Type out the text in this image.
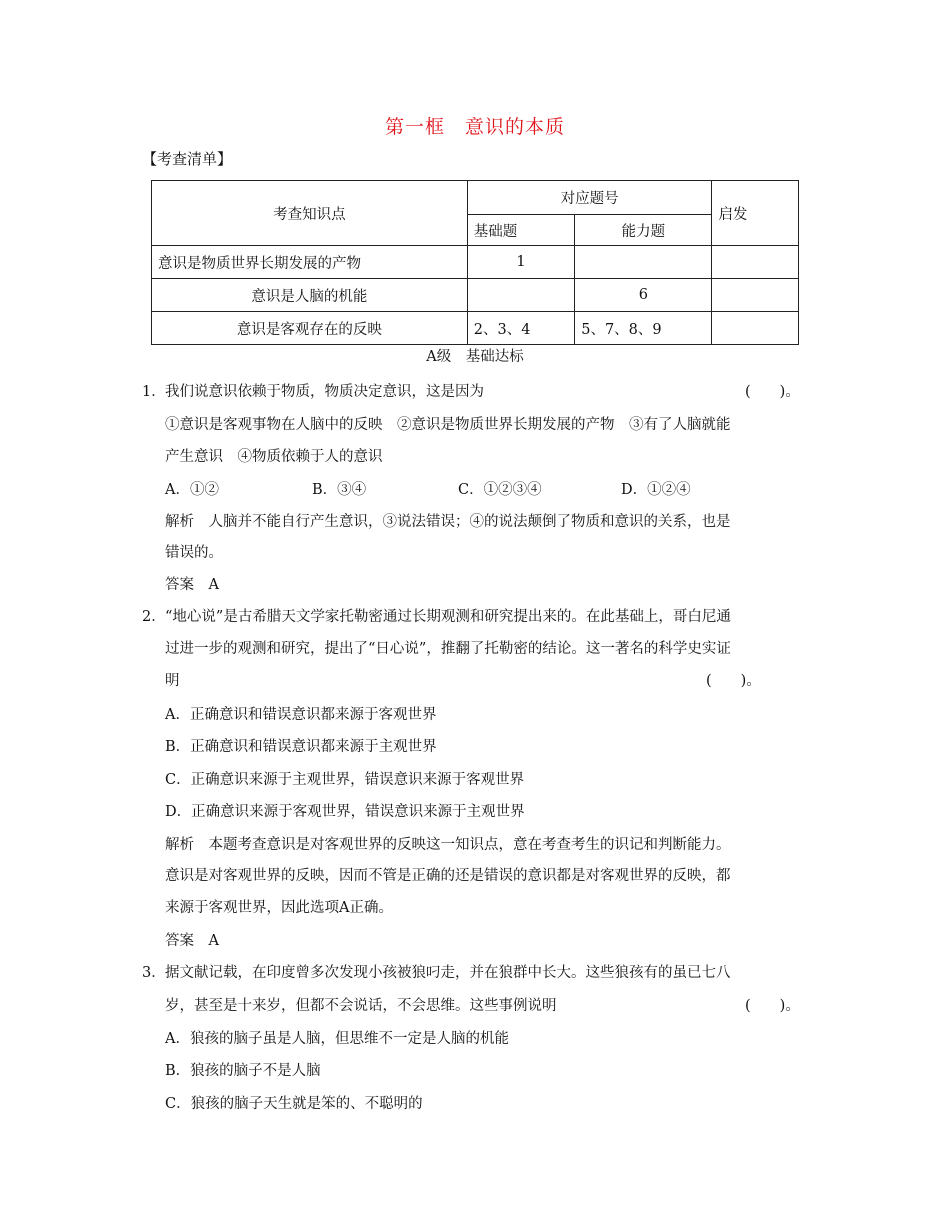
第一框　意识的本质
【考查清单】
考查知识点	对应题号		启发
	基础题	能力题	
意识是物质世界长期发展的产物	1		
意识是人脑的机能		6	
意识是客观存在的反映	2、3、4	5、7、8、9	
A级　基础达标
1． 我们说意识依赖于物质，物质决定意识，这是因为	(　　)。
①意识是客观事物在人脑中的反映　②意识是物质世界长期发展的产物　③有了人脑就能
产生意识　④物质依赖于人的意识
A．①②	B．③④	C．①②③④	D．①②④
解析　人脑并不能自行产生意识，③说法错误；④的说法颠倒了物质和意识的关系，也是
错误的。
答案　A
2． “地心说”是古希腊天文学家托勒密通过长期观测和研究提出来的。在此基础上，哥白尼通
过进一步的观测和研究，提出了“日心说”，推翻了托勒密的结论。这一著名的科学史实证
明	(　　)。
A．正确意识和错误意识都来源于客观世界
B．正确意识和错误意识都来源于主观世界
C．正确意识来源于主观世界，错误意识来源于客观世界
D．正确意识来源于客观世界，错误意识来源于主观世界
解析　本题考查意识是对客观世界的反映这一知识点，意在考查考生的识记和判断能力。
意识是对客观世界的反映，因而不管是正确的还是错误的意识都是对客观世界的反映，都
来源于客观世界，因此选项A正确。
答案　A
3． 据文献记载，在印度曾多次发现小孩被狼叼走，并在狼群中长大。这些狼孩有的虽已七八
岁，甚至是十来岁，但都不会说话，不会思维。这些事例说明	(　　)。
A．狼孩的脑子虽是人脑，但思维不一定是人脑的机能
B．狼孩的脑子不是人脑
C．狼孩的脑子天生就是笨的、不聪明的
